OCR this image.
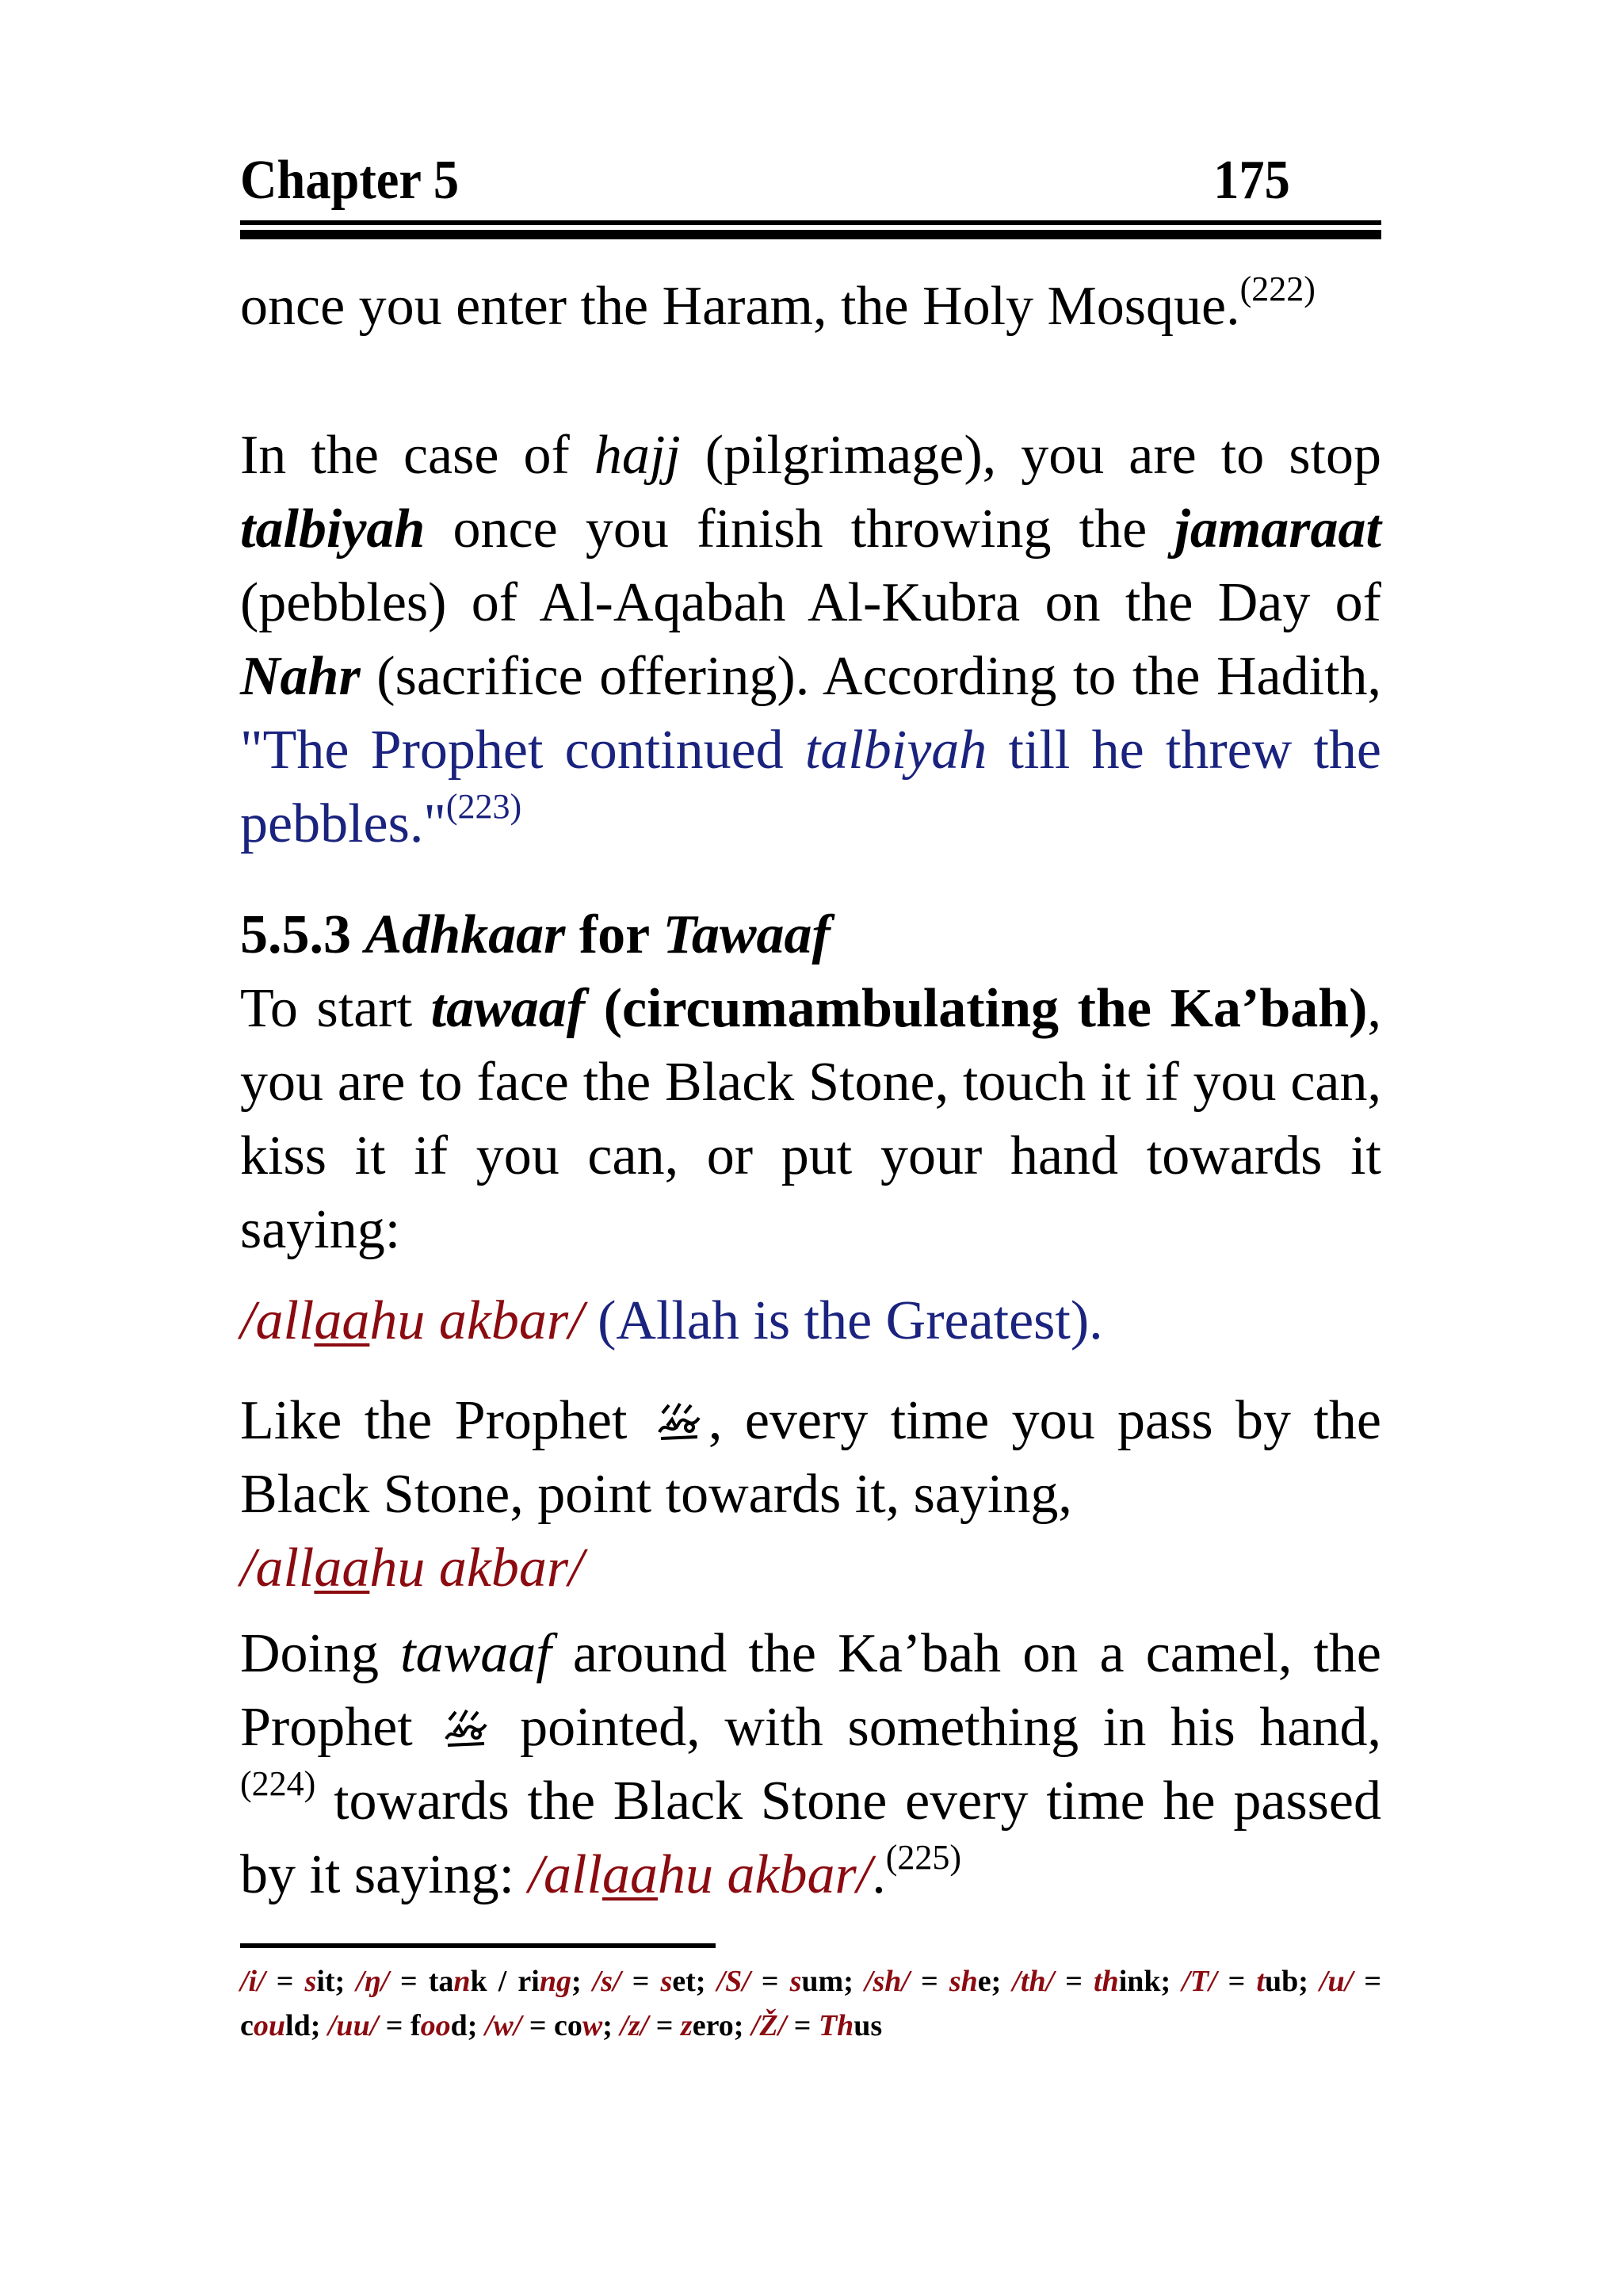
Chapter 5	175
once you enter the Haram, the Holy Mosque.$^{(222)}$
In the case of hajj (pilgrimage), you are to stop talbiyah once you finish throwing the jamaraat (pebbles) of Al-Aqabah Al-Kubra on the Day of Nahr (sacrifice offering). According to the Hadith, "The Prophet continued talbiyah till he threw the pebbles."$^{(223)}$
5.5.3 Adhkaar for Tawaaf
To start tawaaf (circumambulating the Ka’bah), you are to face the Black Stone, touch it if you can, kiss it if you can, or put your hand towards it saying:
/allaahu akbar/ (Allah is the Greatest).
Like the Prophet , every time you pass by the Black Stone, point towards it, saying,
/allaahu akbar/
Doing tawaaf around the Ka’bah on a camel, the Prophet  pointed, with something in his hand,$^{(224)}$ towards the Black Stone every time he passed by it saying: /allaahu akbar/.$^{(225)}$
/i/ = sit; /ŋ/ = tank / ring; /s/ = set; /S/ = sum; /sh/ = she; /th/ = think; /T/ = tub; /u/ = could; /uu/ = food; /w/ = cow; /z/ = zero; /Ž/ = Thus
